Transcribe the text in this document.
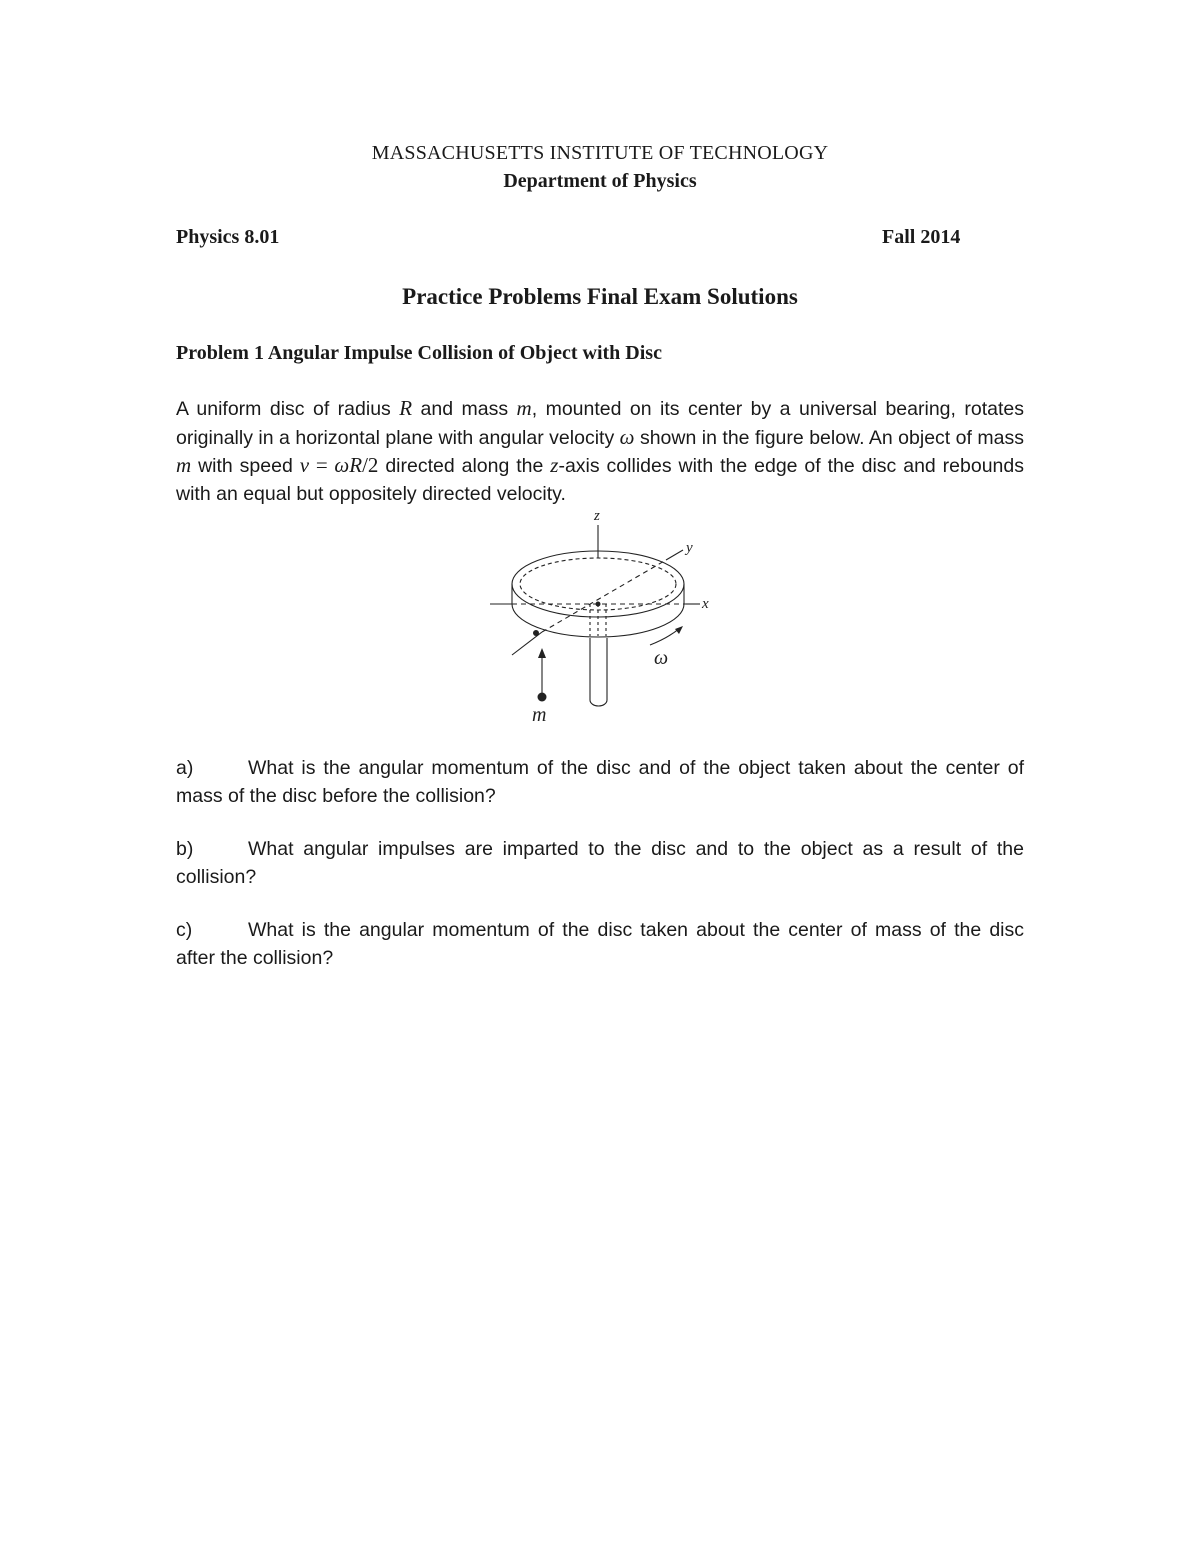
MASSACHUSETTS INSTITUTE OF TECHNOLOGY
Department of Physics
Physics 8.01	Fall 2014
Practice Problems Final Exam Solutions
Problem 1 Angular Impulse Collision of Object with Disc
A uniform disc of radius R and mass m, mounted on its center by a universal bearing, rotates originally in a horizontal plane with angular velocity ω shown in the figure below. An object of mass m with speed v = ωR/2 directed along the z-axis collides with the edge of the disc and rebounds with an equal but oppositely directed velocity.
z
y
x
ω
m
a)	What is the angular momentum of the disc and of the object taken about the center of mass of the disc before the collision?
b)	What angular impulses are imparted to the disc and to the object as a result of the collision?
c)	What is the angular momentum of the disc taken about the center of mass of the disc after the collision?
